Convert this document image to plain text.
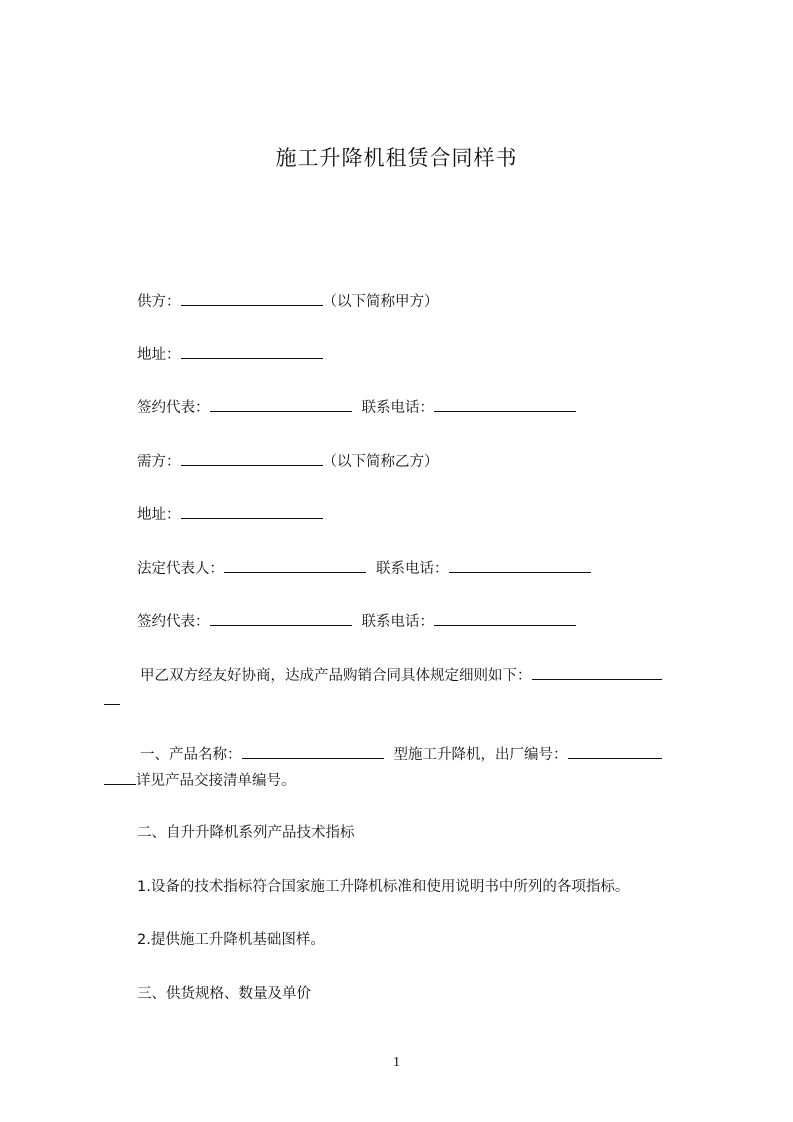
施工升降机租赁合同样书
供方：	（以下简称甲方）
地址：
签约代表：	联系电话：
需方：	（以下简称乙方）
地址：
法定代表人：	联系电话：
签约代表：	联系电话：
甲乙双方经友好协商，达成产品购销合同具体规定细则如下：
一、产品名称：	型施工升降机，出厂编号：
详见产品交接清单编号。
二、自升升降机系列产品技术指标
1.设备的技术指标符合国家施工升降机标准和使用说明书中所列的各项指标。
2.提供施工升降机基础图样。
三、供货规格、数量及单价
1
